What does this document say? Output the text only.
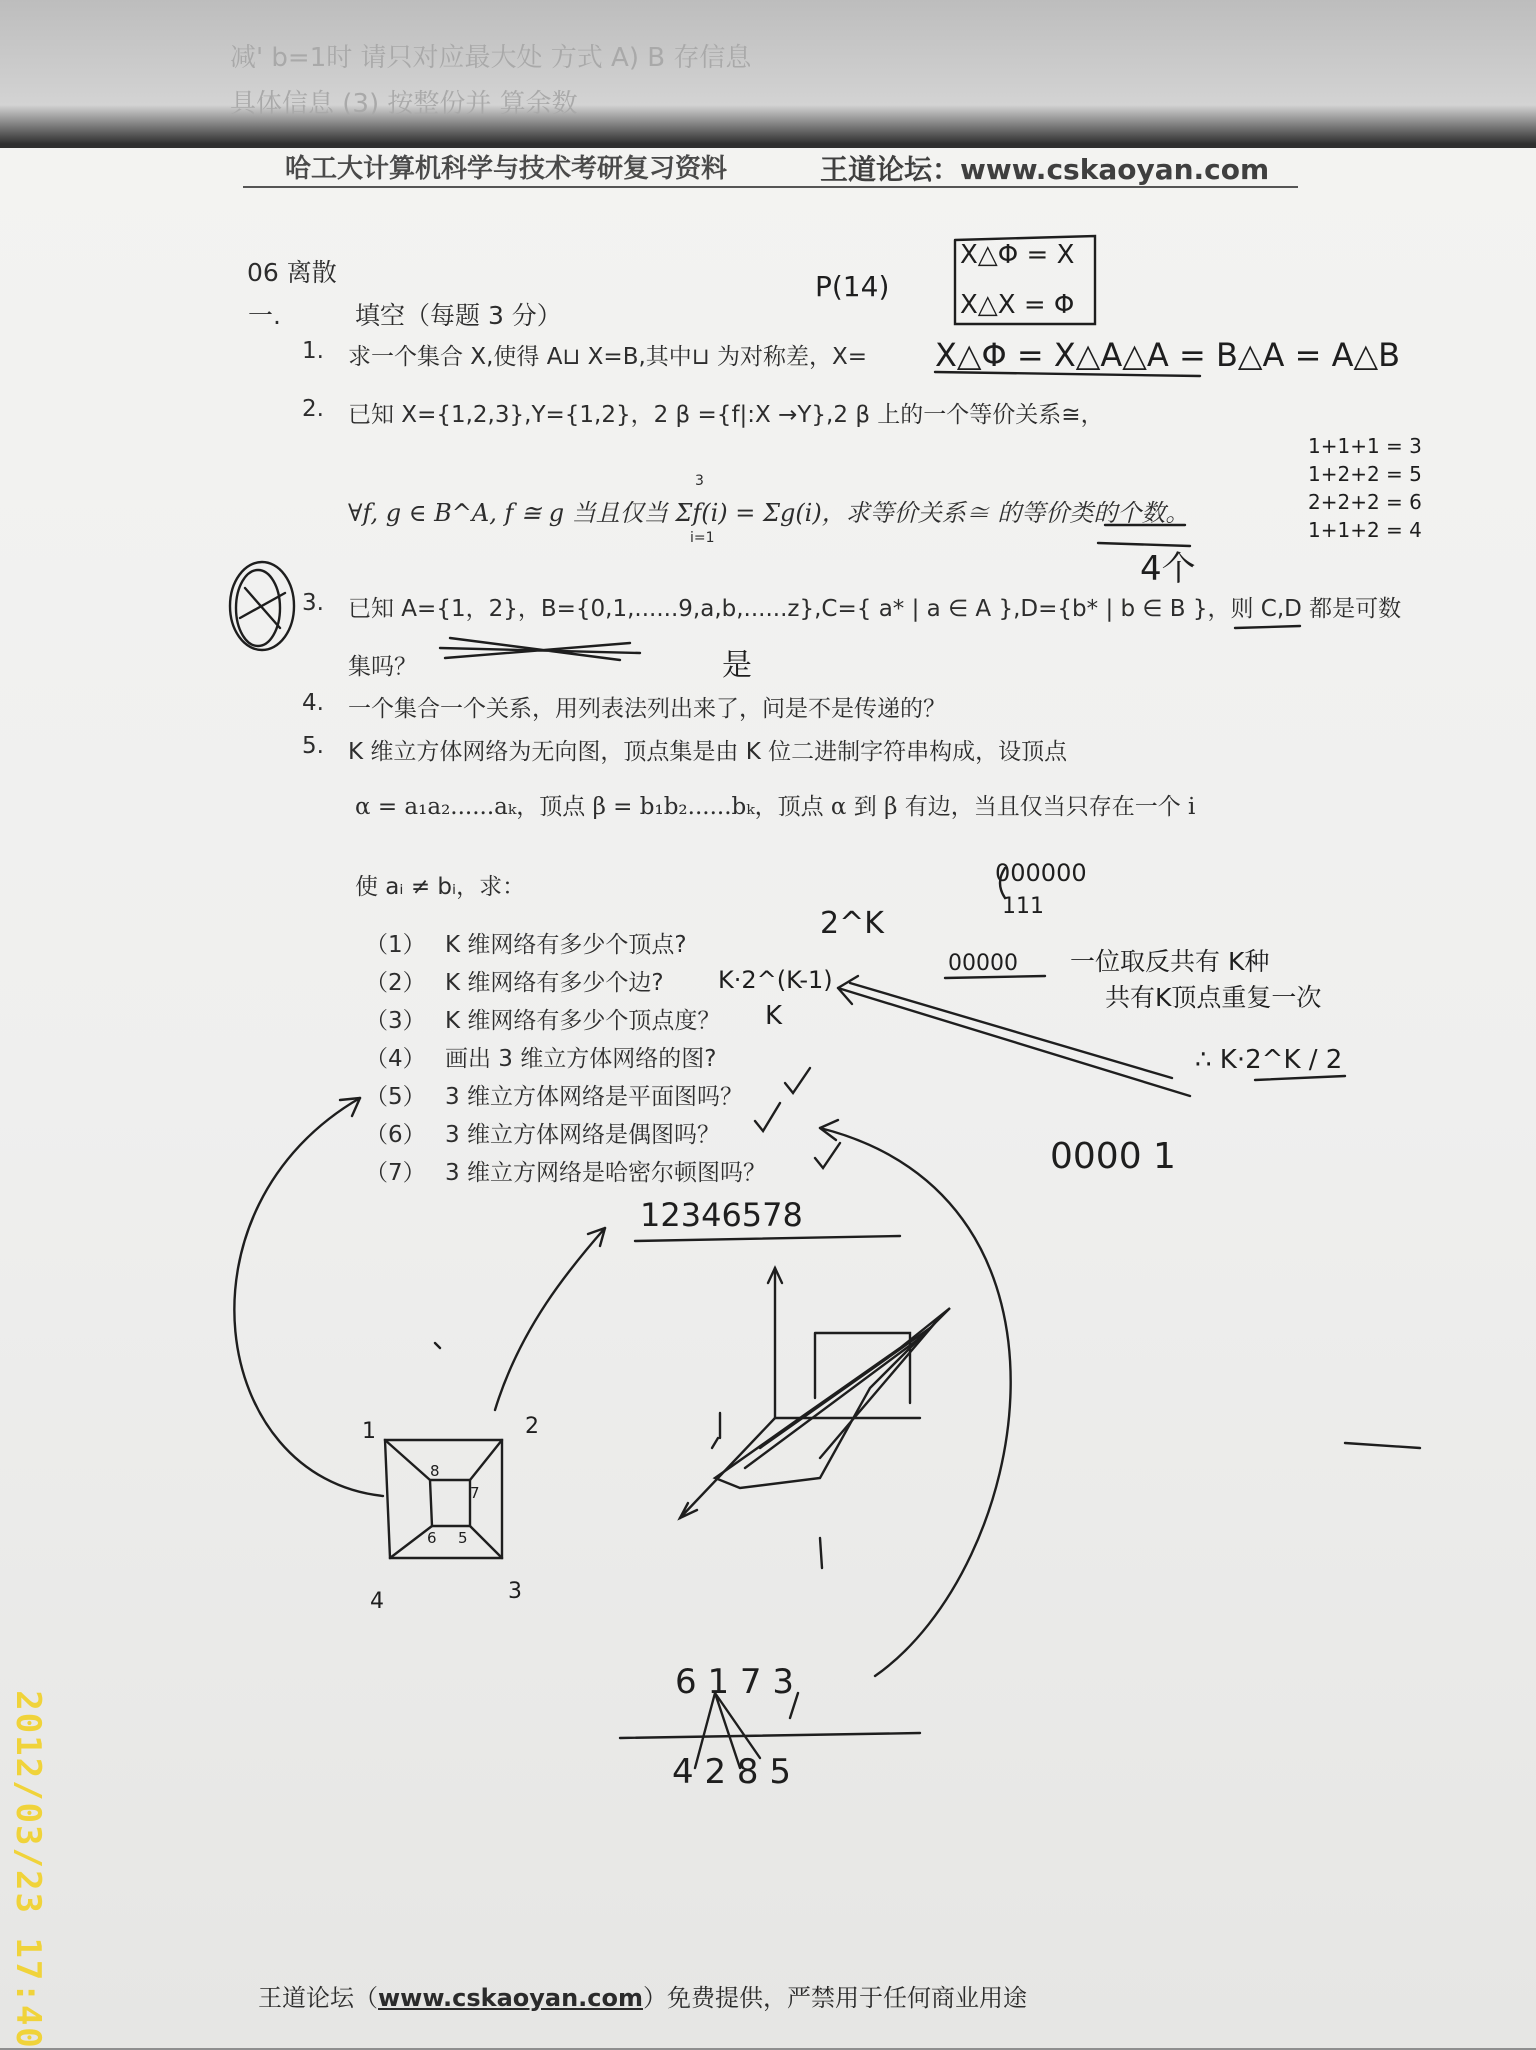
减' b=1时 请只对应最大处 方式 A) B 存信息
具体信息 (3) 按整份并 算余数
哈工大计算机科学与技术考研复习资料	王道论坛：www.cskaoyan.com
06 离散
一.	填空（每题 3 分）
1. 求一个集合 X,使得 A⊔ X=B,其中⊔ 为对称差，X=
2. 已知 X={1,2,3},Y={1,2}，2 β ={f|:X →Y},2 β 上的一个等价关系≅，
3
∀f, g ∈ B^A, f ≅ g 当且仅当 Σf(i) = Σg(i)，求等价关系≅ 的等价类的个数。
i=1
3. 已知 A={1，2}，B={0,1,......9,a,b,......z},C={ a* | a ∈ A },D={b* | b ∈ B }，则 C,D 都是可数
集吗？
4. 一个集合一个关系，用列表法列出来了，问是不是传递的？
5. K 维立方体网络为无向图，顶点集是由 K 位二进制字符串构成，设顶点
α = a₁a₂......aₖ，顶点 β = b₁b₂......bₖ，顶点 α 到 β 有边，当且仅当只存在一个 i
使 aᵢ ≠ bᵢ，求：
（1） K 维网络有多少个顶点?
（2） K 维网络有多少个边?
（3） K 维网络有多少个顶点度？
（4） 画出 3 维立方体网络的图?
（5） 3 维立方体网络是平面图吗？
（6） 3 维立方体网络是偶图吗？
（7） 3 维立方网络是哈密尔顿图吗？
P(14)
X△Φ = X
X△X = Φ
X△Φ = X△A△A = B△A = A△B
1+1+1 = 3
1+2+2 = 5
2+2+2 = 6
1+1+2 = 4
4个
是
2^K
K·2^(K-1)
K
000000
111
00000 一位取反共有 K种
共有K顶点重复一次
∴ K·2^K / 2
0000 1
12346578
6 1 7 3
4 2 8 5
1	2
3
4
5
6
7
8
王道论坛（www.cskaoyan.com）免费提供，严禁用于任何商业用途
2012/03/23 17:40
